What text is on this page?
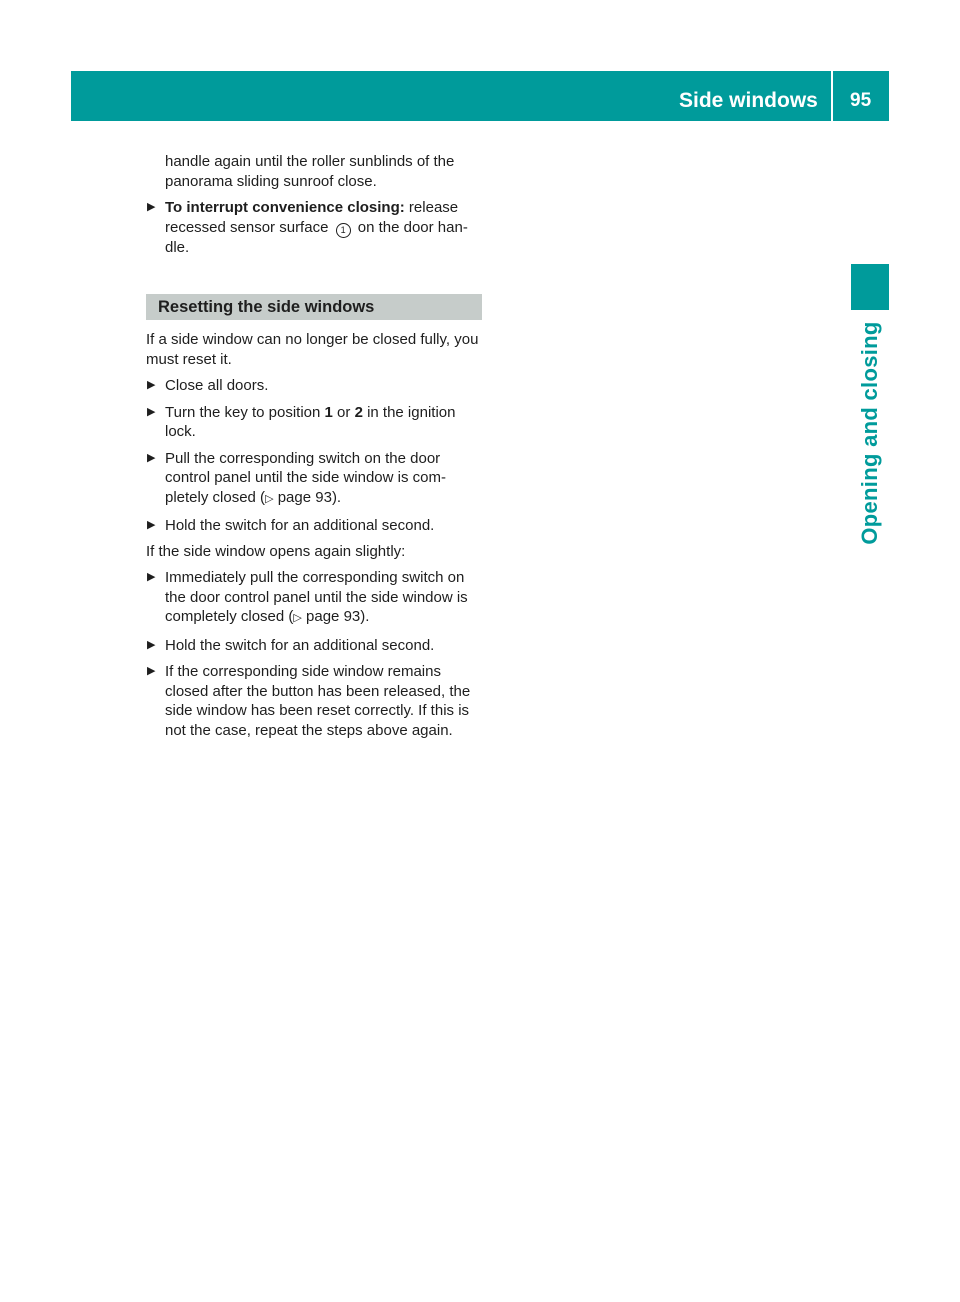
Side windows 95
Opening and closing

handle again until the roller sunblinds of the panorama sliding sunroof close.

▶ To interrupt convenience closing: release recessed sensor surface 1 on the door han-dle.
Resetting the side windows

If a side window can no longer be closed fully, you must reset it.

▶ Close all doors.
▶ Turn the key to position 1 or 2 in the ignition lock.
▶ Pull the corresponding switch on the door control panel until the side window is com-pletely closed (▷ page 93).
▶ Hold the switch for an additional second.

If the side window opens again slightly:

▶ Immediately pull the corresponding switch on the door control panel until the side window is completely closed (▷ page 93).
▶ Hold the switch for an additional second.
▶ If the corresponding side window remains closed after the button has been released, the side window has been reset correctly. If this is not the case, repeat the steps above again.
